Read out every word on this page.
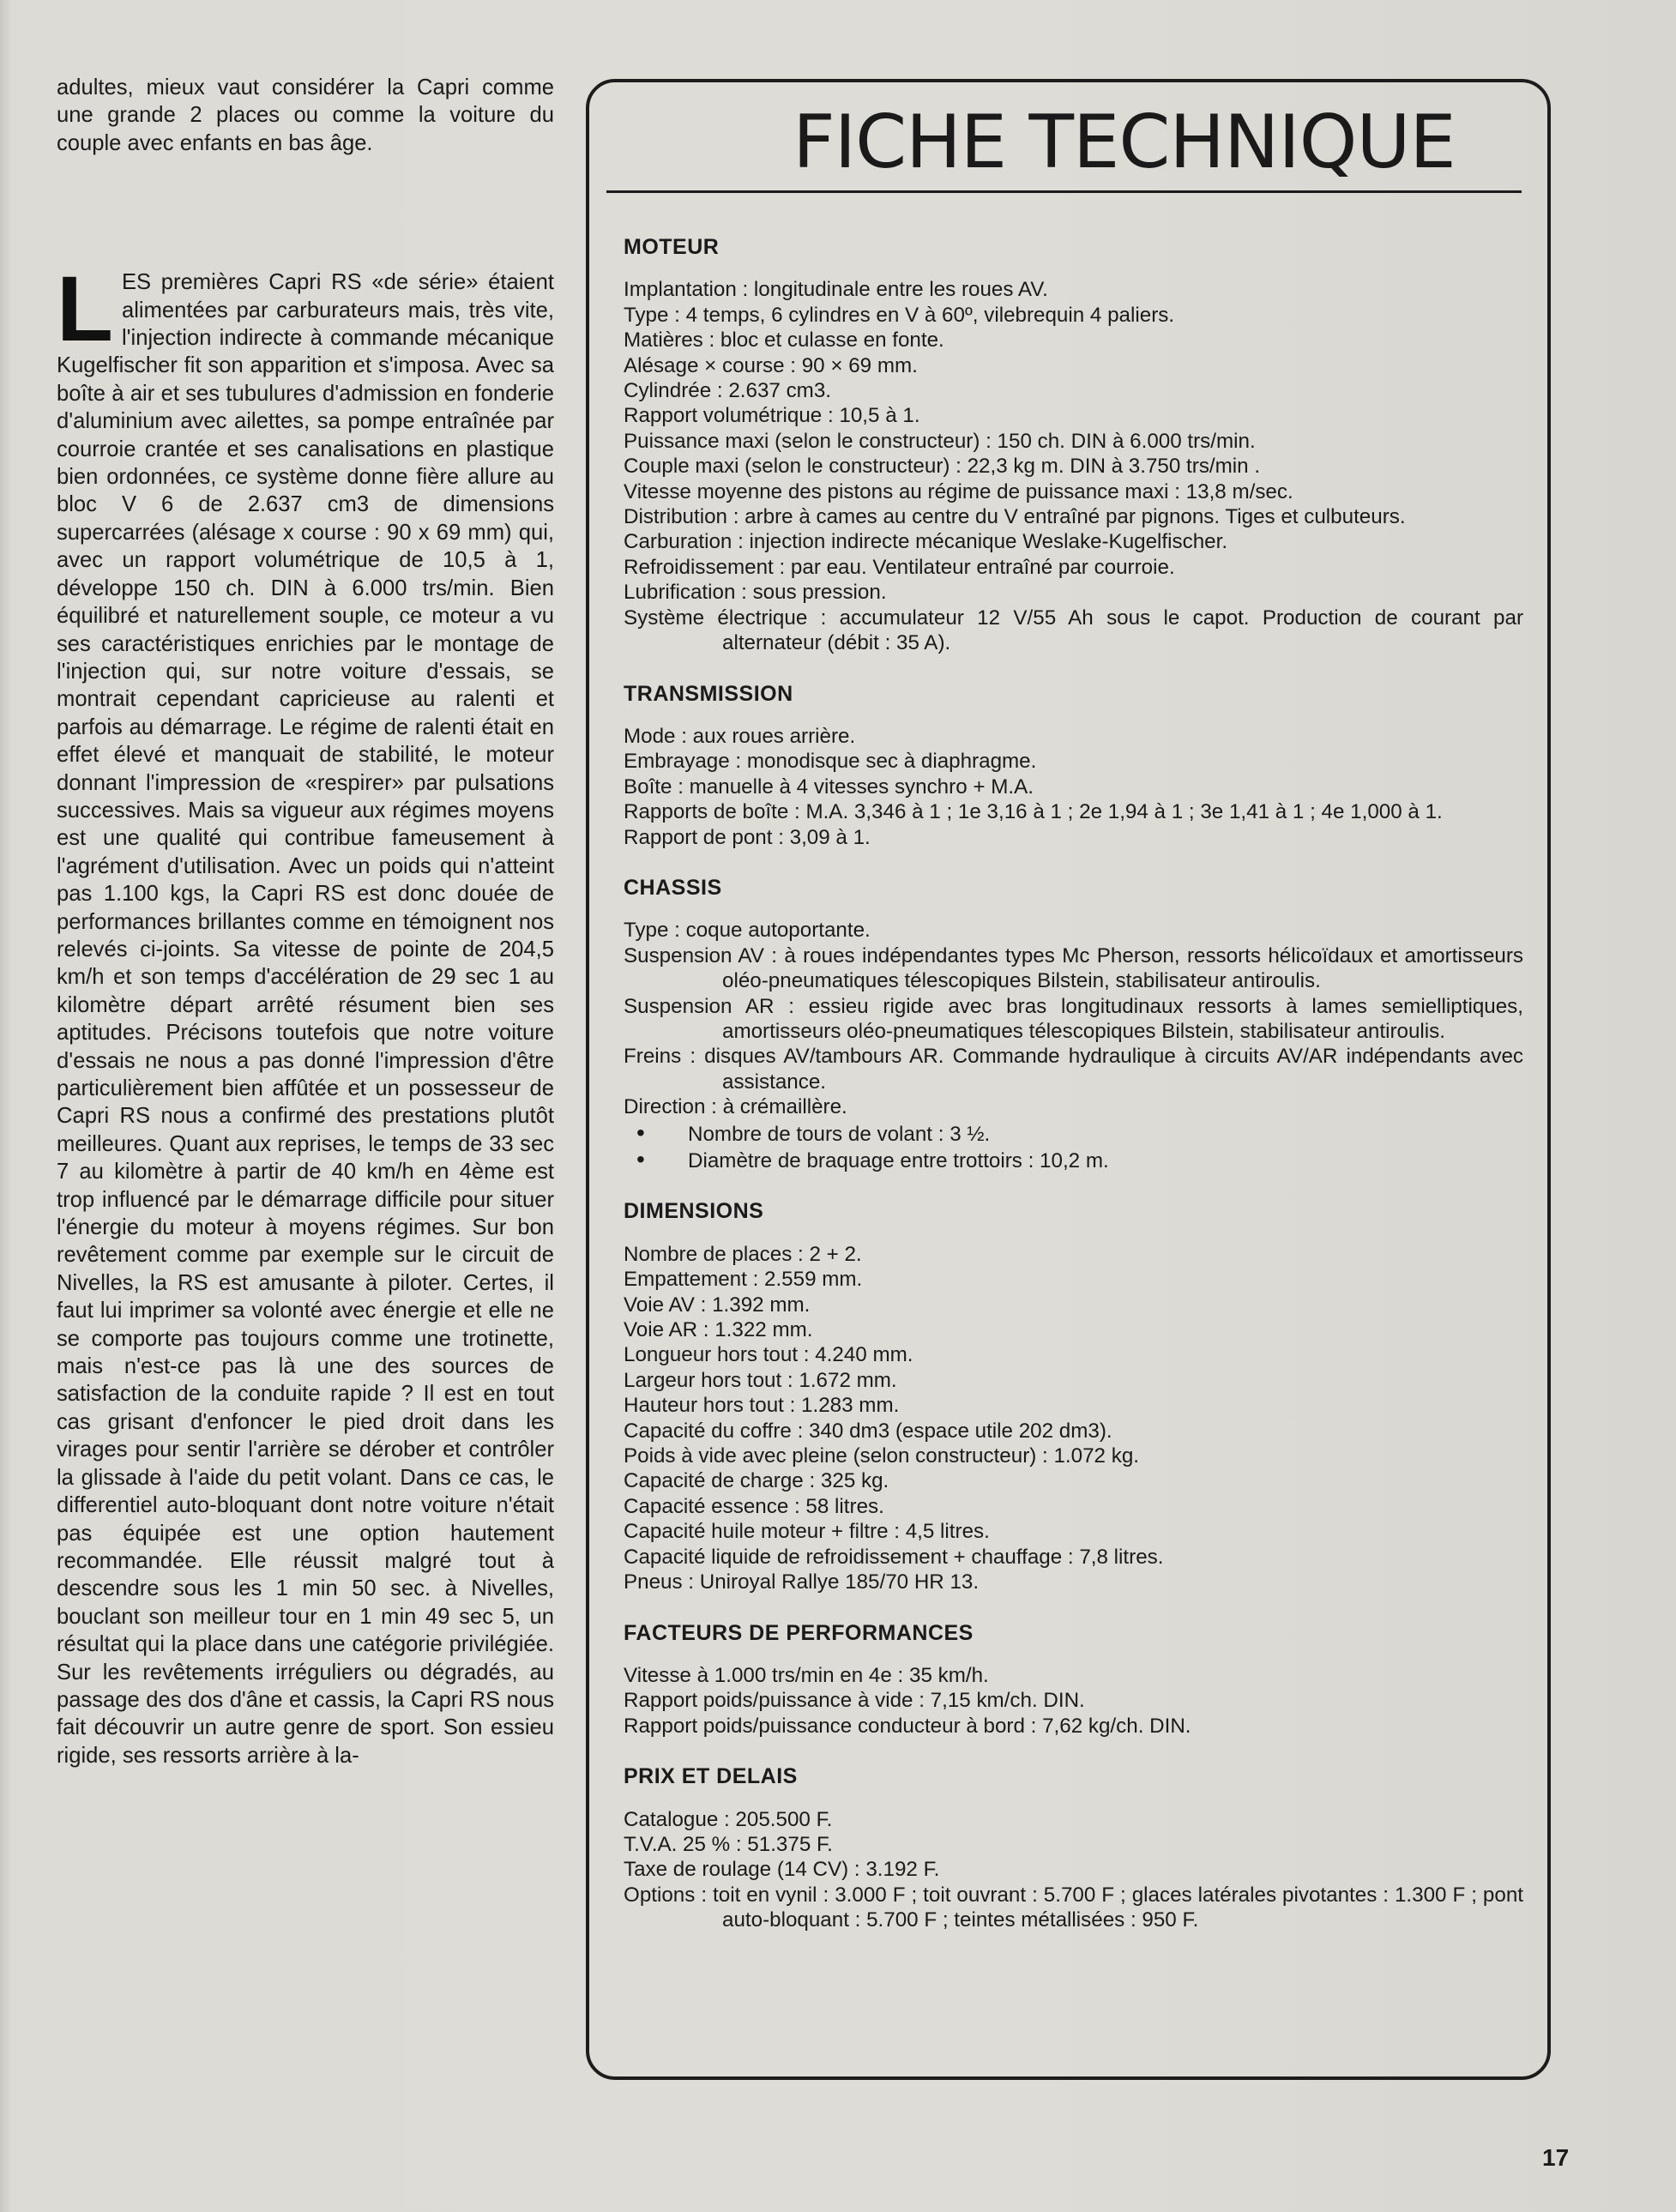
adultes, mieux vaut considérer la Capri comme une grande 2 places ou comme la voiture du couple avec enfants en bas âge.

LES premières Capri RS «de série» étaient alimentées par carburateurs mais, très vite, l'injection indirecte à commande mécanique Kugelfischer fit son apparition et s'imposa. Avec sa boîte à air et ses tubulures d'admission en fonderie d'aluminium avec ailettes, sa pompe entraînée par courroie crantée et ses canalisations en plastique bien ordonnées, ce système donne fière allure au bloc V 6 de 2.637 cm3 de dimensions supercarrées (alésage x course : 90 x 69 mm) qui, avec un rapport volumétrique de 10,5 à 1, développe 150 ch. DIN à 6.000 trs/min. Bien équilibré et naturellement souple, ce moteur a vu ses caractéristiques enrichies par le montage de l'injection qui, sur notre voiture d'essais, se montrait cependant capricieuse au ralenti et parfois au démarrage. Le régime de ralenti était en effet élevé et manquait de stabilité, le moteur donnant l'impression de «respirer» par pulsations successives. Mais sa vigueur aux régimes moyens est une qualité qui contribue fameusement à l'agrément d'utilisation. Avec un poids qui n'atteint pas 1.100 kgs, la Capri RS est donc douée de performances brillantes comme en témoignent nos relevés ci-joints. Sa vitesse de pointe de 204,5 km/h et son temps d'accélération de 29 sec 1 au kilomètre départ arrêté résument bien ses aptitudes. Précisons toutefois que notre voiture d'essais ne nous a pas donné l'impression d'être particulièrement bien affûtée et un possesseur de Capri RS nous a confirmé des prestations plutôt meilleures. Quant aux reprises, le temps de 33 sec 7 au kilomètre à partir de 40 km/h en 4ème est trop influencé par le démarrage difficile pour situer l'énergie du moteur à moyens régimes. Sur bon revêtement comme par exemple sur le circuit de Nivelles, la RS est amusante à piloter. Certes, il faut lui imprimer sa volonté avec énergie et elle ne se comporte pas toujours comme une trotinette, mais n'est-ce pas là une des sources de satisfaction de la conduite rapide ? Il est en tout cas grisant d'enfoncer le pied droit dans les virages pour sentir l'arrière se dérober et contrôler la glissade à l'aide du petit volant. Dans ce cas, le differentiel auto-bloquant dont notre voiture n'était pas équipée est une option hautement recommandée. Elle réussit malgré tout à descendre sous les 1 min 50 sec. à Nivelles, bouclant son meilleur tour en 1 min 49 sec 5, un résultat qui la place dans une catégorie privilégiée. Sur les revêtements irréguliers ou dégradés, au passage des dos d'âne et cassis, la Capri RS nous fait découvrir un autre genre de sport. Son essieu rigide, ses ressorts arrière à la-

FICHE TECHNIQUE
MOTEUR

Implantation : longitudinale entre les roues AV.

Type : 4 temps, 6 cylindres en V à 60º, vilebrequin 4 paliers.

Matières : bloc et culasse en fonte.

Alésage × course : 90 × 69 mm.

Cylindrée : 2.637 cm3.

Rapport volumétrique : 10,5 à 1.

Puissance maxi (selon le constructeur) : 150 ch. DIN à 6.000 trs/min.

Couple maxi (selon le constructeur) : 22,3 kg m. DIN à 3.750 trs/min .

Vitesse moyenne des pistons au régime de puissance maxi : 13,8 m/sec.

Distribution : arbre à cames au centre du V entraîné par pignons. Tiges et culbuteurs.

Carburation : injection indirecte mécanique Weslake-Kugelfischer.

Refroidissement : par eau. Ventilateur entraîné par courroie.

Lubrification : sous pression.

Système électrique : accumulateur 12 V/55 Ah sous le capot. Production de courant par alternateur (débit : 35 A).

TRANSMISSION

Mode : aux roues arrière.

Embrayage : monodisque sec à diaphragme.

Boîte : manuelle à 4 vitesses synchro + M.A.

Rapports de boîte : M.A. 3,346 à 1 ; 1e 3,16 à 1 ; 2e 1,94 à 1 ; 3e 1,41 à 1 ; 4e 1,000 à 1.

Rapport de pont : 3,09 à 1.

CHASSIS

Type : coque autoportante.

Suspension AV : à roues indépendantes types Mc Pherson, ressorts hélicoïdaux et amortisseurs oléo-pneumatiques télescopiques Bilstein, stabilisateur antiroulis.

Suspension AR : essieu rigide avec bras longitudinaux ressorts à lames semielliptiques, amortisseurs oléo-pneumatiques télescopiques Bilstein, stabilisateur antiroulis.

Freins : disques AV/tambours AR. Commande hydraulique à circuits AV/AR indépendants avec assistance.

Direction : à crémaillère.

• Nombre de tours de volant : 3 ½.

• Diamètre de braquage entre trottoirs : 10,2 m.

DIMENSIONS

Nombre de places : 2 + 2.

Empattement : 2.559 mm.

Voie AV : 1.392 mm.

Voie AR : 1.322 mm.

Longueur hors tout : 4.240 mm.

Largeur hors tout : 1.672 mm.

Hauteur hors tout : 1.283 mm.

Capacité du coffre : 340 dm3 (espace utile 202 dm3).

Poids à vide avec pleine (selon constructeur) : 1.072 kg.

Capacité de charge : 325 kg.

Capacité essence : 58 litres.

Capacité huile moteur + filtre : 4,5 litres.

Capacité liquide de refroidissement + chauffage : 7,8 litres.

Pneus : Uniroyal Rallye 185/70 HR 13.

FACTEURS DE PERFORMANCES

Vitesse à 1.000 trs/min en 4e : 35 km/h.

Rapport poids/puissance à vide : 7,15 km/ch. DIN.

Rapport poids/puissance conducteur à bord : 7,62 kg/ch. DIN.

PRIX ET DELAIS

Catalogue : 205.500 F.

T.V.A. 25 % : 51.375 F.

Taxe de roulage (14 CV) : 3.192 F.

Options : toit en vynil : 3.000 F ; toit ouvrant : 5.700 F ; glaces latérales pivotantes : 1.300 F ; pont auto-bloquant : 5.700 F ; teintes métallisées : 950 F.

17
